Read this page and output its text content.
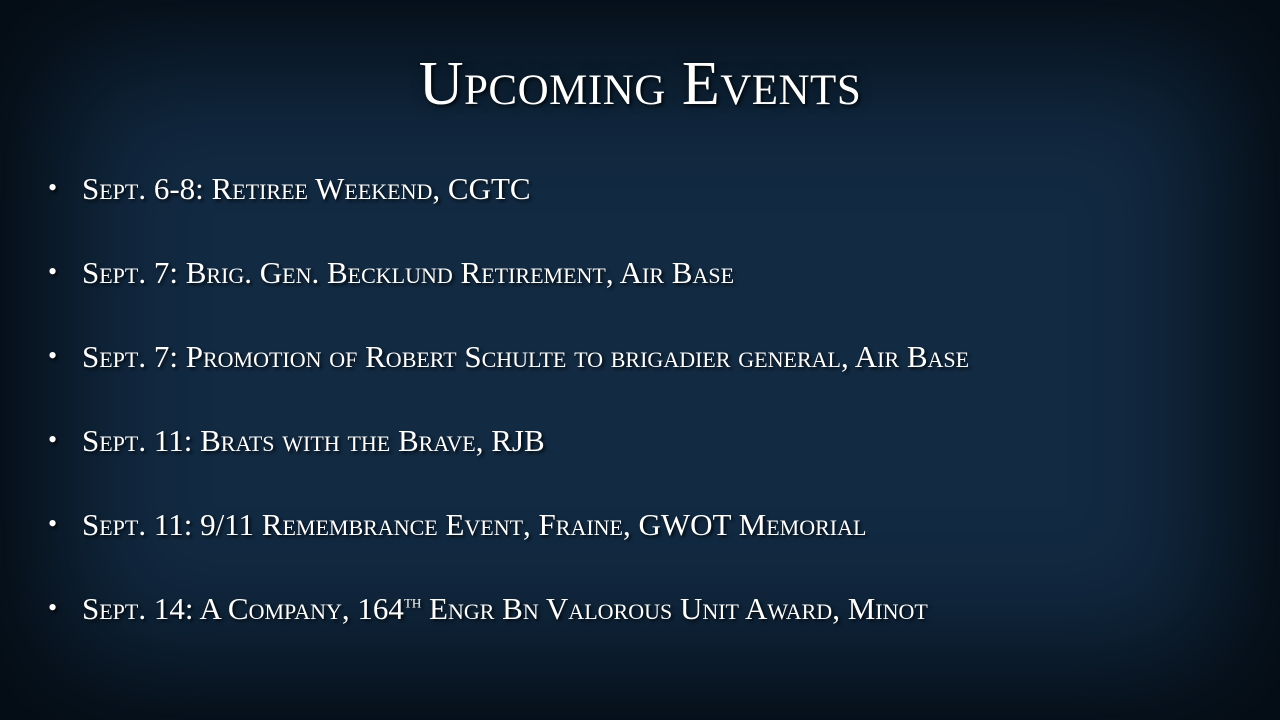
Upcoming Events
• Sept. 6-8: Retiree Weekend, CGTC
• Sept. 7: Brig. Gen. Becklund Retirement, Air Base
• Sept. 7: Promotion of Robert Schulte to brigadier general, Air Base
• Sept. 11: Brats with the Brave, RJB
• Sept. 11: 9/11 Remembrance Event, Fraine, GWOT Memorial
• Sept. 14: A Company, 164th Engr Bn Valorous Unit Award, Minot
